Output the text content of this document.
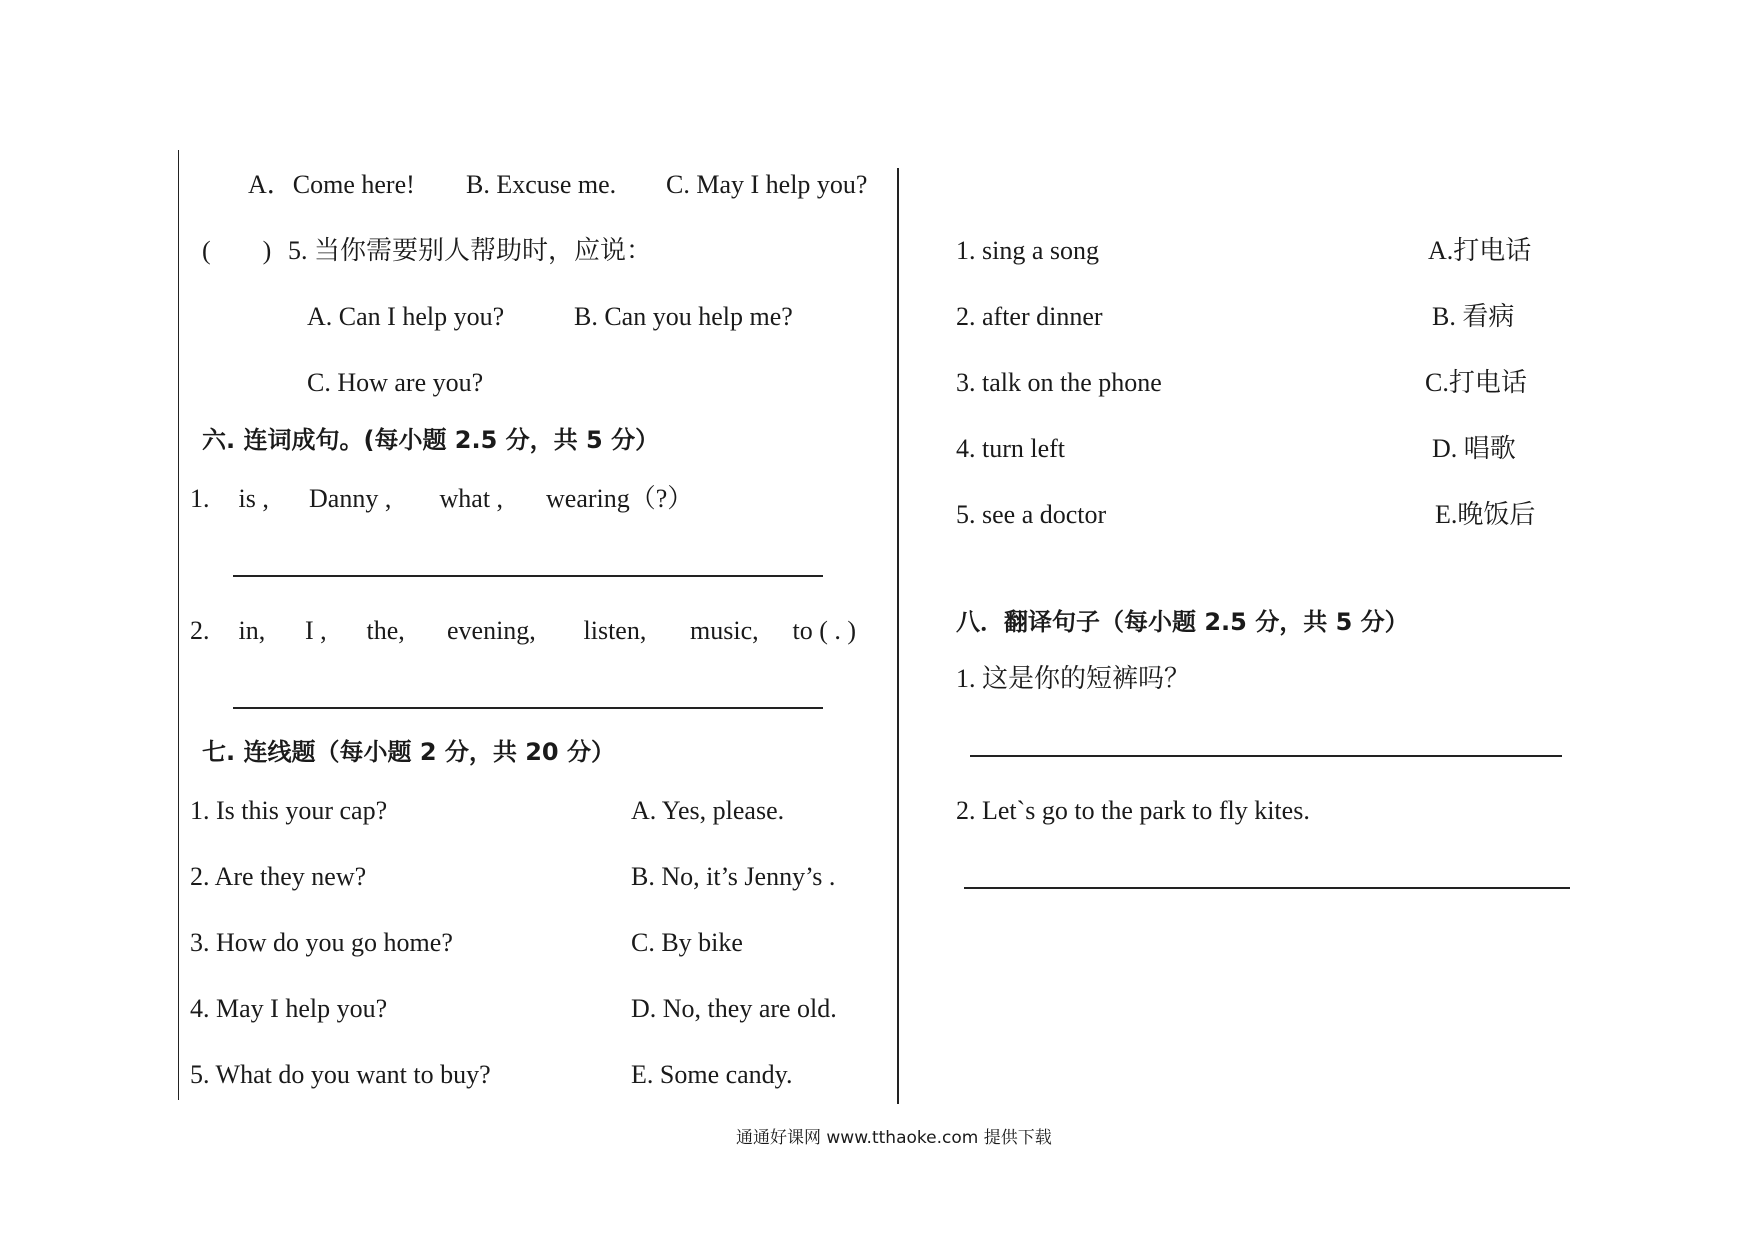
A．Come here! B. Excuse me. C. May I help you?
(　　) 5. 当你需要别人帮助时，应说：
A. Can I help you?	B. Can you help me?
C. How are you?
六. 连词成句。(每小题 2.5 分，共 5 分）
1. is , Danny , what , wearing（?）
2. in, I , the, evening, listen, music, to ( . )
七. 连线题（每小题 2 分，共 20 分）
1. Is this your cap?
2. Are they new?
3. How do you go home?
4. May I help you?
5. What do you want to buy?
A. Yes, please.
B. No, it’s Jenny’s .
C. By bike
D. No, they are old.
E. Some candy.
1. sing a song
2. after dinner
3. talk on the phone
4. turn left
5. see a doctor
A.打电话
B. 看病
C.打电话
D. 唱歌
E.晚饭后
八．翻译句子（每小题 2.5 分，共 5 分）
1. 这是你的短裤吗？
2. Let`s go to the park to fly kites.
通通好课网 www.tthaoke.com 提供下载
